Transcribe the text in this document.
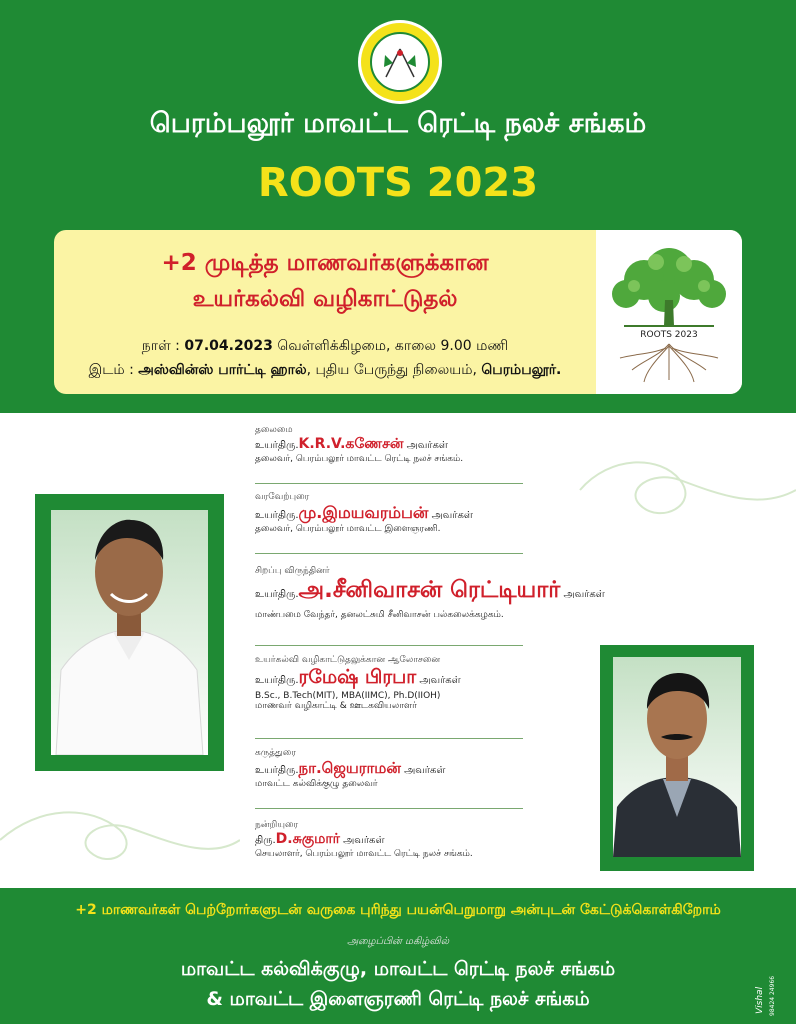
பெரம்பலூர் மாவட்ட ரெட்டி நலச் சங்கம்
ROOTS 2023
+2 முடித்த மாணவர்களுக்கான
உயர்கல்வி வழிகாட்டுதல்
நாள் : 07.04.2023 வெள்ளிக்கிழமை, காலை 9.00 மணி
இடம் : அஸ்வின்ஸ் பார்ட்டி ஹால், புதிய பேருந்து நிலையம், பெரம்பலூர்.
ROOTS 2023
தலைமை
உயர்திரு.K.R.V.கணேசன் அவர்கள்
தலைவர், பெரம்பலூர் மாவட்ட ரெட்டி நலச் சங்கம்.
வரவேற்புரை
உயர்திரு.மு.இமயவரம்பன் அவர்கள்
தலைவர், பெரம்பலூர் மாவட்ட இளைஞரணி.
சிறப்பு விருந்தினர்
உயர்திரு.அ.சீனிவாசன் ரெட்டியார் அவர்கள்
மாண்பமை வேந்தர், தனலட்சுமி சீனிவாசன் பல்கலைக்கழகம்.
உயர்கல்வி வழிகாட்டுதலுக்கான ஆலோசனை
உயர்திரு.ரமேஷ் பிரபா அவர்கள்
B.Sc., B.Tech(MIT), MBA(IIMC), Ph.D(IIOH)
மாணவர் வழிகாட்டி & ஊடகவியலாளர்
கருத்துரை
உயர்திரு.நா.ஜெயராமன் அவர்கள்
மாவட்ட கல்விக்குழு தலைவர்
நன்றியுரை
திரு.D.சுகுமார் அவர்கள்
செயலாளர், பெரம்பலூர் மாவட்ட ரெட்டி நலச் சங்கம்.
+2 மாணவர்கள் பெற்றோர்களுடன் வருகை புரிந்து பயன்பெறுமாறு அன்புடன் கேட்டுக்கொள்கிறோம்
அழைப்பின் மகிழ்வில்
மாவட்ட கல்விக்குழு, மாவட்ட ரெட்டி நலச் சங்கம்
& மாவட்ட இளைஞரணி ரெட்டி நலச் சங்கம்	Vishal 98424 24966
